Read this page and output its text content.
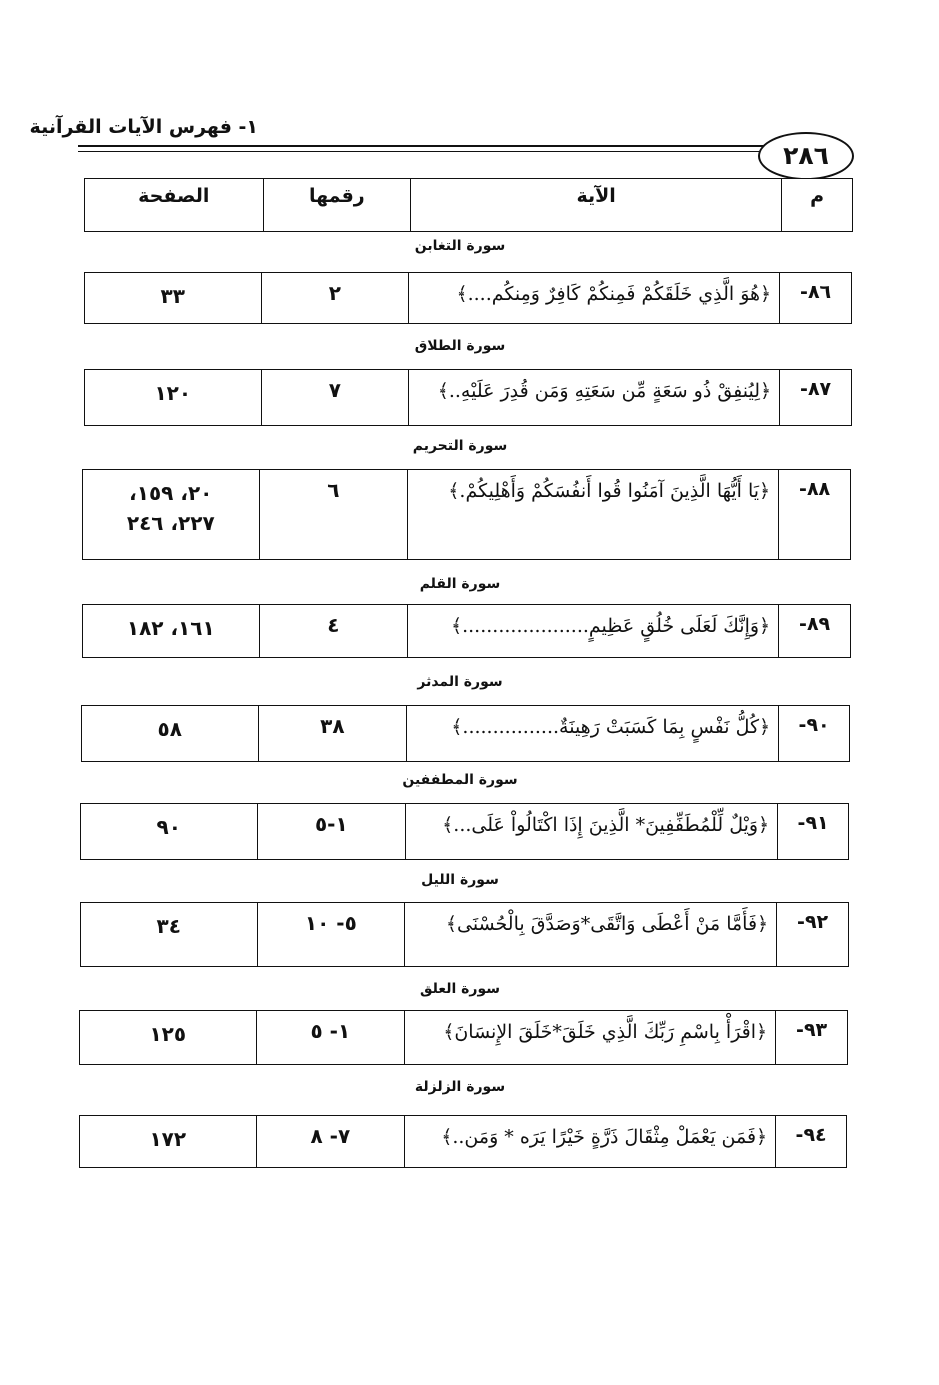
١- فهرس الآيات القرآنية
٢٨٦
الصفحة	رقمها	الآية	م
سورة التغابن
٣٣	٢	﴿هُوَ الَّذِي خَلَقَكُمْ فَمِنكُمْ كَافِرٌ وَمِنكُم....﴾	-٨٦
سورة الطلاق
١٢٠	٧	﴿لِيُنفِقْ ذُو سَعَةٍ مِّن سَعَتِهِ وَمَن قُدِرَ عَلَيْهِ..﴾	-٨٧
سورة التحريم
٢٠، ١٥٩،
٢٢٧، ٢٤٦
٦	﴿يَا أَيُّهَا الَّذِينَ آمَنُوا قُوا أَنفُسَكُمْ وَأَهْلِيكُمْ.﴾	-٨٨
سورة القلم
١٦١، ١٨٢	٤	﴿وَإِنَّكَ لَعَلَى خُلُقٍ عَظِيمٍ.....................﴾	-٨٩
سورة المدثر
٥٨	٣٨	﴿كُلُّ نَفْسٍ بِمَا كَسَبَتْ رَهِينَةٌ................﴾	-٩٠
سورة المطففين
٩٠	١-٥	﴿وَيْلٌ لِّلْمُطَفِّفِينَ* الَّذِينَ إِذَا اكْتَالُواْ عَلَى...﴾	-٩١
سورة الليل
٣٤	٥- ١٠	﴿فَأَمَّا مَنْ أَعْطَى وَاتَّقَى*وَصَدَّقَ بِالْحُسْنَى﴾	-٩٢
سورة العلق
١٢٥	١- ٥	﴿اقْرَأْ بِاسْمِ رَبِّكَ الَّذِي خَلَقَ*خَلَقَ الإِنسَانَ﴾	-٩٣
سورة الزلزلة
١٧٢	٧- ٨	﴿فَمَن يَعْمَلْ مِثْقَالَ ذَرَّةٍ خَيْرًا يَرَه * وَمَن..﴾	-٩٤
